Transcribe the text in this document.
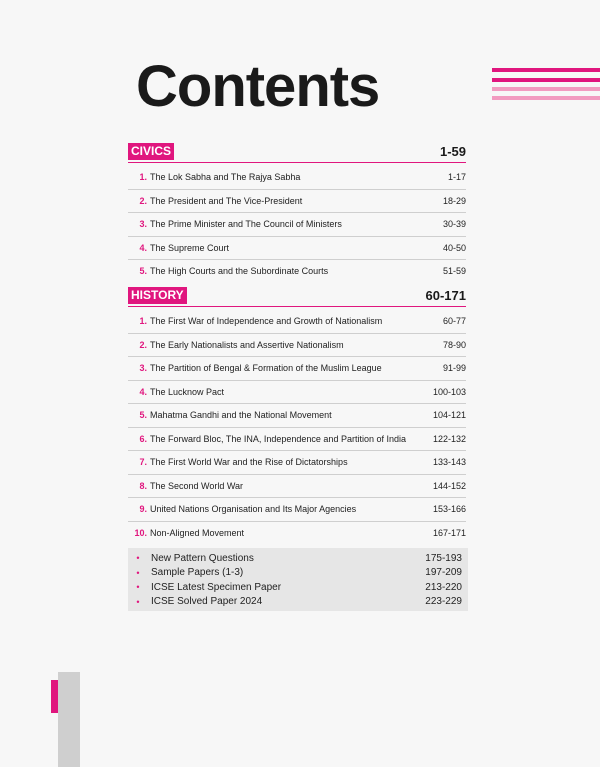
Contents
CIVICS	1-59
1. The Lok Sabha and The Rajya Sabha	1-17
2. The President and The Vice-President	18-29
3. The Prime Minister and The Council of Ministers	30-39
4. The Supreme Court	40-50
5. The High Courts and the Subordinate Courts	51-59
HISTORY	60-171
1. The First War of Independence and Growth of Nationalism	60-77
2. The Early Nationalists and Assertive Nationalism	78-90
3. The Partition of Bengal & Formation of the Muslim League	91-99
4. The Lucknow Pact	100-103
5. Mahatma Gandhi and the National Movement	104-121
6. The Forward Bloc, The INA, Independence and Partition of India	122-132
7. The First World War and the Rise of Dictatorships	133-143
8. The Second World War	144-152
9. United Nations Organisation and Its Major Agencies	153-166
10. Non-Aligned Movement	167-171
•	New Pattern Questions	175-193
•	Sample Papers (1-3)	197-209
•	ICSE Latest Specimen Paper	213-220
•	ICSE Solved Paper 2024	223-229
